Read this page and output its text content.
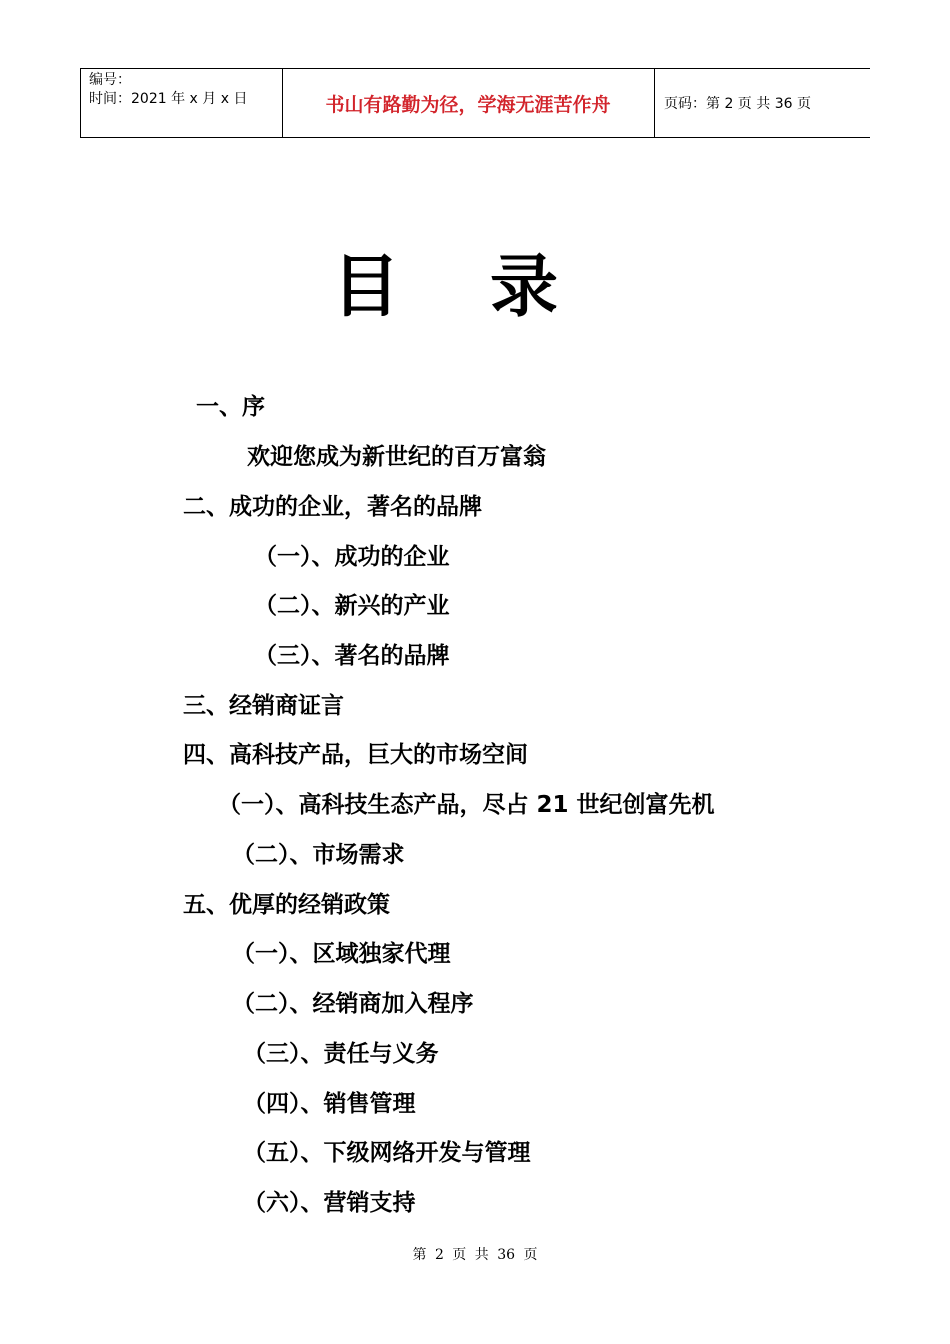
编号：
时间：2021 年 x 月 x 日	书山有路勤为径，学海无涯苦作舟	页码：第 2 页 共 36 页
目录
一、序
欢迎您成为新世纪的百万富翁
二、成功的企业，著名的品牌
（一）、成功的企业
（二）、新兴的产业
（三）、著名的品牌
三、经销商证言
四、高科技产品，巨大的市场空间
（一）、高科技生态产品，尽占 21 世纪创富先机
（二）、市场需求
五、优厚的经销政策
（一）、区域独家代理
（二）、经销商加入程序
（三）、责任与义务
（四）、销售管理
（五）、下级网络开发与管理
（六）、营销支持
第 2 页 共 36 页
